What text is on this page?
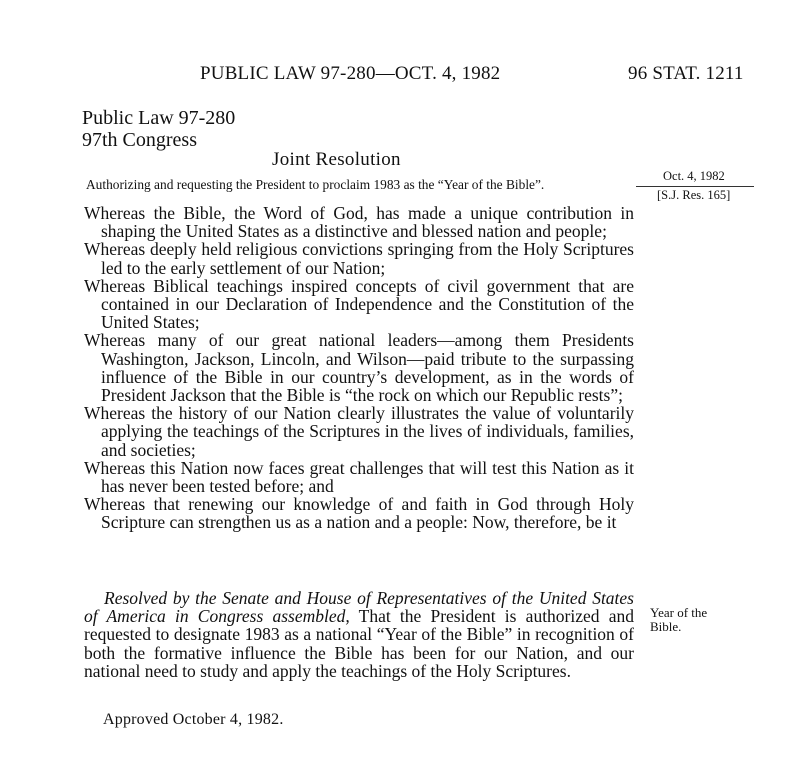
PUBLIC LAW 97-280—OCT. 4, 1982	96 STAT. 1211
Public Law 97-280
97th Congress
Joint Resolution
Authorizing and requesting the President to proclaim 1983 as the “Year of the Bible”.
Oct. 4, 1982
[S.J. Res. 165]

Whereas the Bible, the Word of God, has made a unique contribution in shaping the United States as a distinctive and blessed nation and people;

Whereas deeply held religious convictions springing from the Holy Scriptures led to the early settlement of our Nation;

Whereas Biblical teachings inspired concepts of civil government that are contained in our Declaration of Independence and the Constitution of the United States;

Whereas many of our great national leaders—among them Presidents Washington, Jackson, Lincoln, and Wilson—paid tribute to the surpassing influence of the Bible in our country’s development, as in the words of President Jackson that the Bible is “the rock on which our Republic rests”;

Whereas the history of our Nation clearly illustrates the value of voluntarily applying the teachings of the Scriptures in the lives of individuals, families, and societies;

Whereas this Nation now faces great challenges that will test this Nation as it has never been tested before; and

Whereas that renewing our knowledge of and faith in God through Holy Scripture can strengthen us as a nation and a people: Now, therefore, be it

Resolved by the Senate and House of Representatives of the United States of America in Congress assembled, That the President is authorized and requested to designate 1983 as a national “Year of the Bible” in recognition of both the formative influence the Bible has been for our Nation, and our national need to study and apply the teachings of the Holy Scriptures.

Year of the Bible.
Approved October 4, 1982.
